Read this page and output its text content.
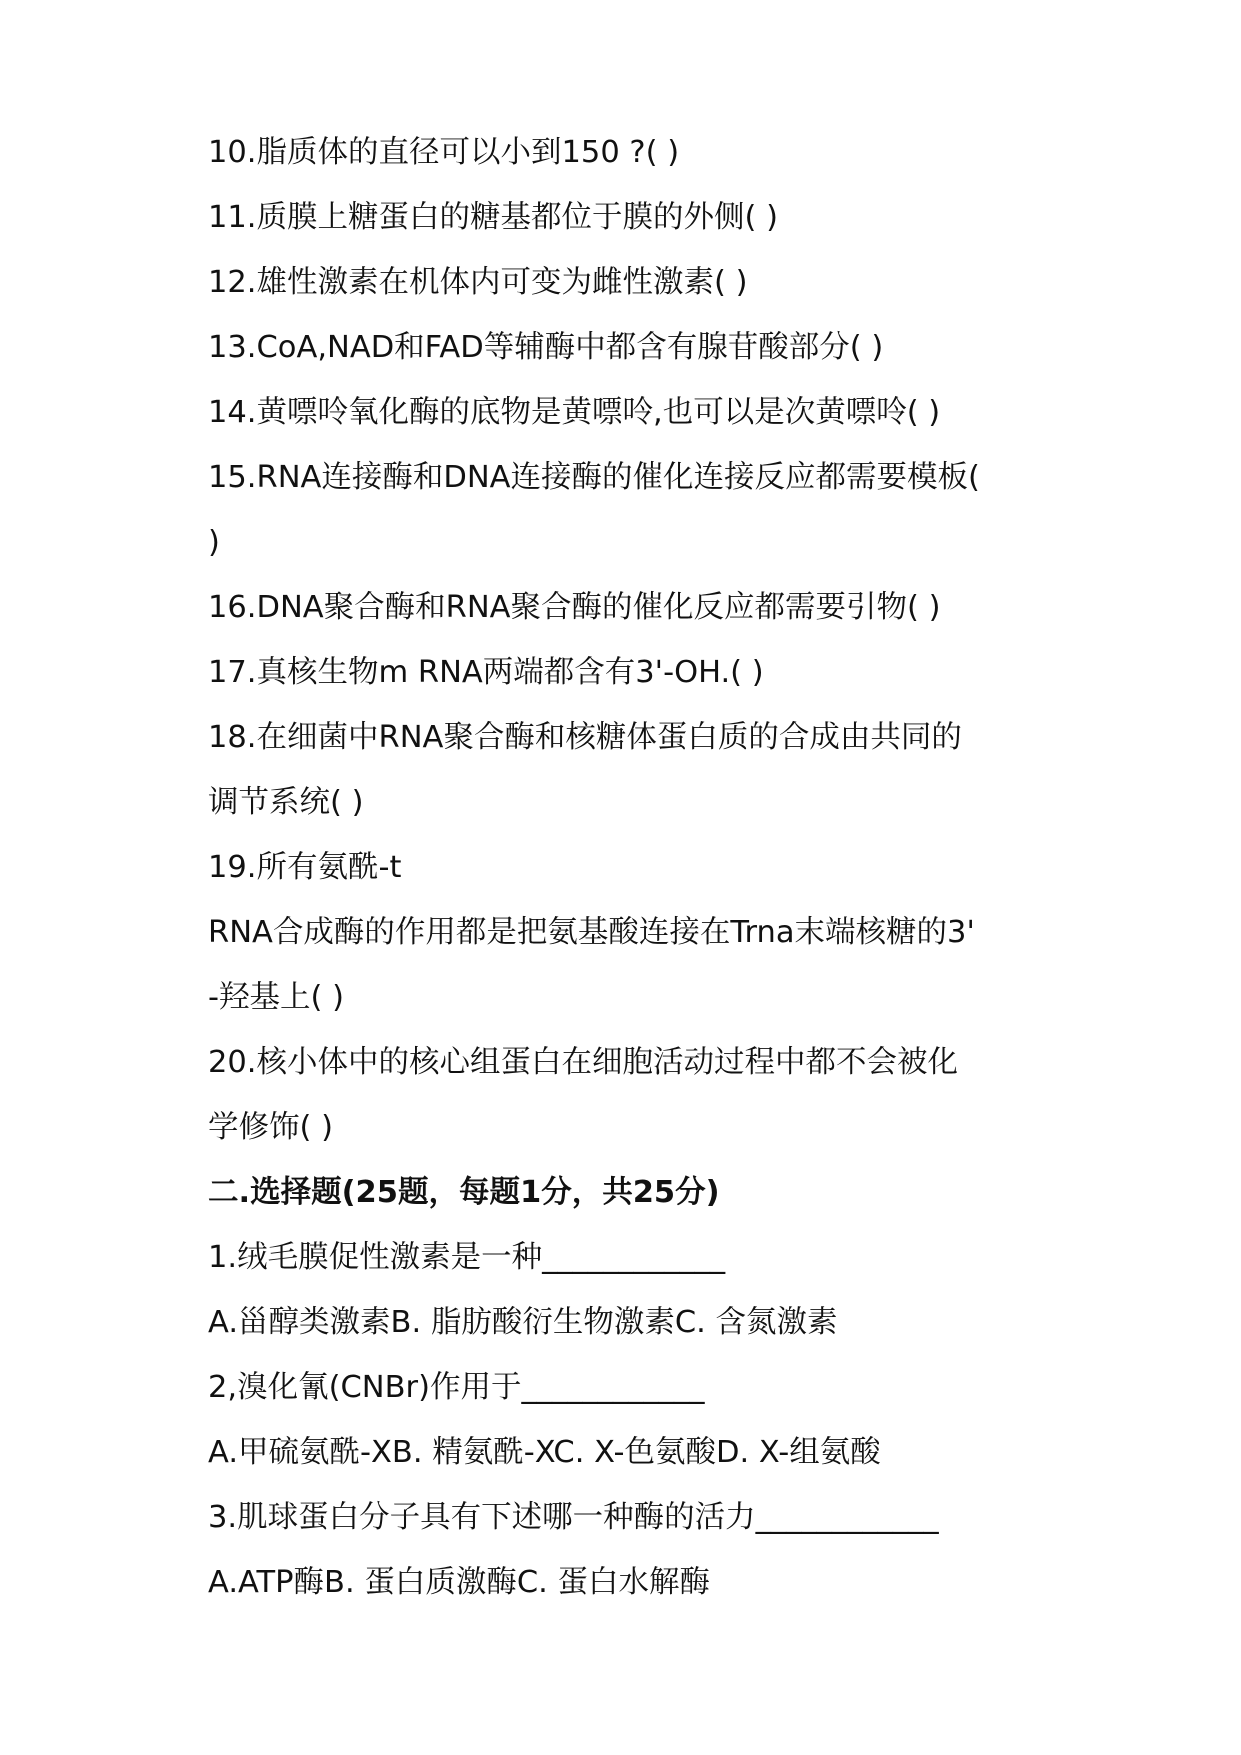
10.脂质体的直径可以小到150 ?( )
11.质膜上糖蛋白的糖基都位于膜的外侧( )
12.雄性激素在机体内可变为雌性激素( )
13.CoA,NAD和FAD等辅酶中都含有腺苷酸部分( )
14.黄嘌呤氧化酶的底物是黄嘌呤,也可以是次黄嘌呤( )
15.RNA连接酶和DNA连接酶的催化连接反应都需要模板(
)
16.DNA聚合酶和RNA聚合酶的催化反应都需要引物( )
17.真核生物m RNA两端都含有3'-OH.( )
18.在细菌中RNA聚合酶和核糖体蛋白质的合成由共同的
调节系统( )
19.所有氨酰-t
RNA合成酶的作用都是把氨基酸连接在Trna末端核糖的3'
-羟基上( )
20.核小体中的核心组蛋白在细胞活动过程中都不会被化
学修饰( )
二.选择题(25题，每题1分，共25分)
1.绒毛膜促性激素是一种____________
A.甾醇类激素B. 脂肪酸衍生物激素C. 含氮激素
2,溴化氰(CNBr)作用于____________
A.甲硫氨酰-XB. 精氨酰-XC. X-色氨酸D. X-组氨酸
3.肌球蛋白分子具有下述哪一种酶的活力____________
A.ATP酶B. 蛋白质激酶C. 蛋白水解酶
